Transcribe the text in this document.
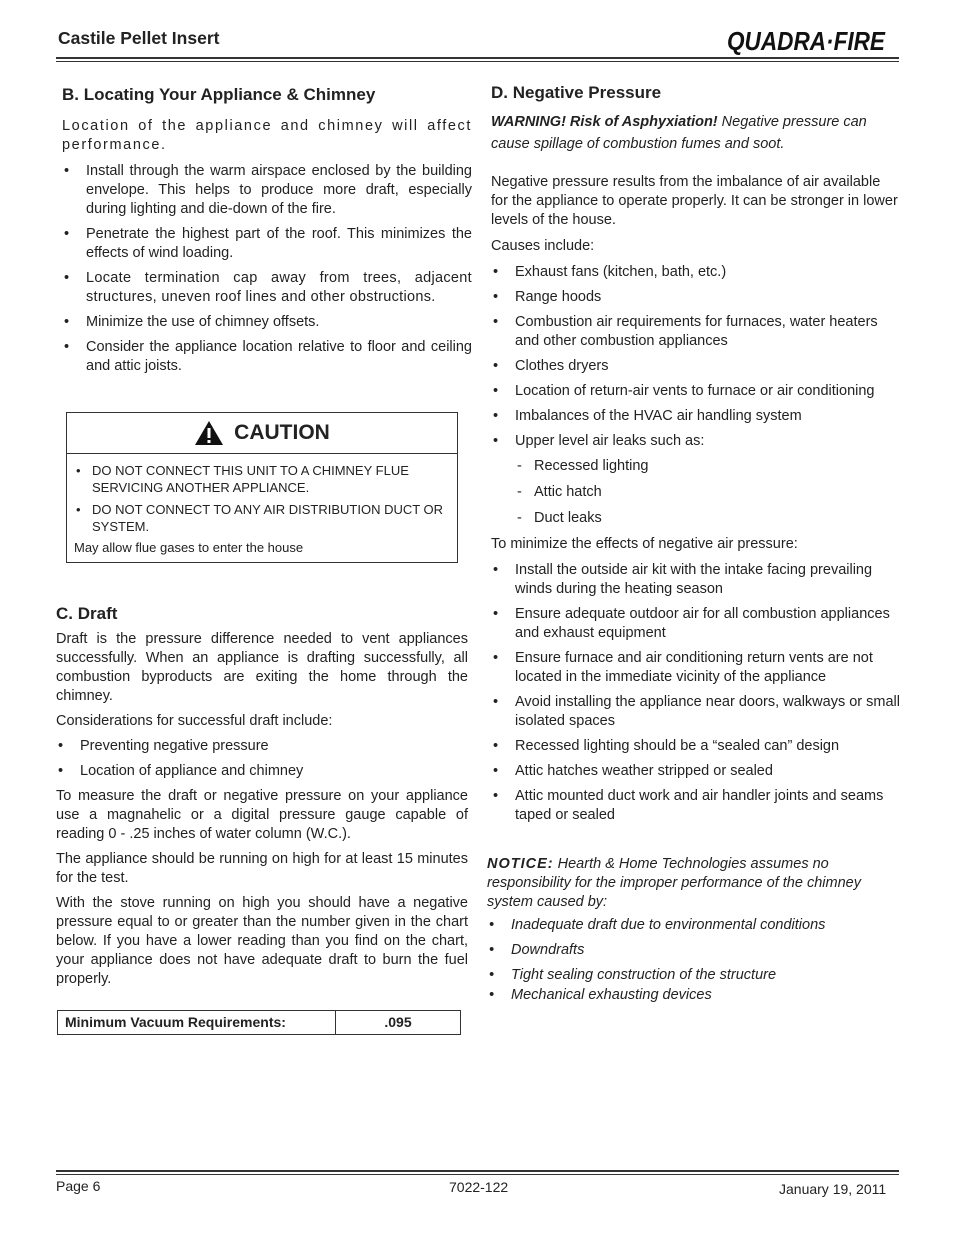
Castile Pellet Insert	QUADRA·FIRE
B. Locating Your Appliance & Chimney

Location of the appliance and chimney will affect performance.

• Install through the warm airspace enclosed by the building envelope. This helps to produce more draft, especially during lighting and die-down of the fire.
• Penetrate the highest part of the roof. This minimizes the effects of wind loading.
• Locate termination cap away from trees, adjacent structures, uneven roof lines and other obstructions.
• Minimize the use of chimney offsets.
• Consider the appliance location relative to floor and ceiling and attic joists.
CAUTION
• DO NOT CONNECT THIS UNIT TO A CHIMNEY FLUE SERVICING ANOTHER APPLIANCE.
• DO NOT CONNECT TO ANY AIR DISTRIBUTION DUCT OR SYSTEM.
May allow flue gases to enter the house
C. Draft

Draft is the pressure difference needed to vent appliances successfully. When an appliance is drafting successfully, all combustion byproducts are exiting the home through the chimney.

Considerations for successful draft include:

• Preventing negative pressure
• Location of appliance and chimney

To measure the draft or negative pressure on your appliance use a magnahelic or a digital pressure gauge capable of reading 0 - .25 inches of water column (W.C.).

The appliance should be running on high for at least 15 minutes for the test.

With the stove running on high you should have a negative pressure equal to or greater than the number given in the chart below. If you have a lower reading than you find on the chart, your appliance does not have adequate draft to burn the fuel properly.

Minimum Vacuum Requirements:	.095
D. Negative Pressure

WARNING! Risk of Asphyxiation! Negative pressure can cause spillage of combustion fumes and soot.

Negative pressure results from the imbalance of air available for the appliance to operate properly. It can be stronger in lower levels of the house.

Causes include:

• Exhaust fans (kitchen, bath, etc.)
• Range hoods
• Combustion air requirements for furnaces, water heaters and other combustion appliances
• Clothes dryers
• Location of return-air vents to furnace or air conditioning
• Imbalances of the HVAC air handling system
• Upper level air leaks such as:
- Recessed lighting
- Attic hatch
- Duct leaks

To minimize the effects of negative air pressure:

• Install the outside air kit with the intake facing prevailing winds during the heating season
• Ensure adequate outdoor air for all combustion appliances and exhaust equipment
• Ensure furnace and air conditioning return vents are not located in the immediate vicinity of the appliance
• Avoid installing the appliance near doors, walkways or small isolated spaces
• Recessed lighting should be a “sealed can” design
• Attic hatches weather stripped or sealed
• Attic mounted duct work and air handler joints and seams taped or sealed

NOTICE: Hearth & Home Technologies assumes no responsibility for the improper performance of the chimney system caused by:

• Inadequate draft due to environmental conditions
• Downdrafts
• Tight sealing construction of the structure
• Mechanical exhausting devices
Page 6	7022-122	January 19, 2011
